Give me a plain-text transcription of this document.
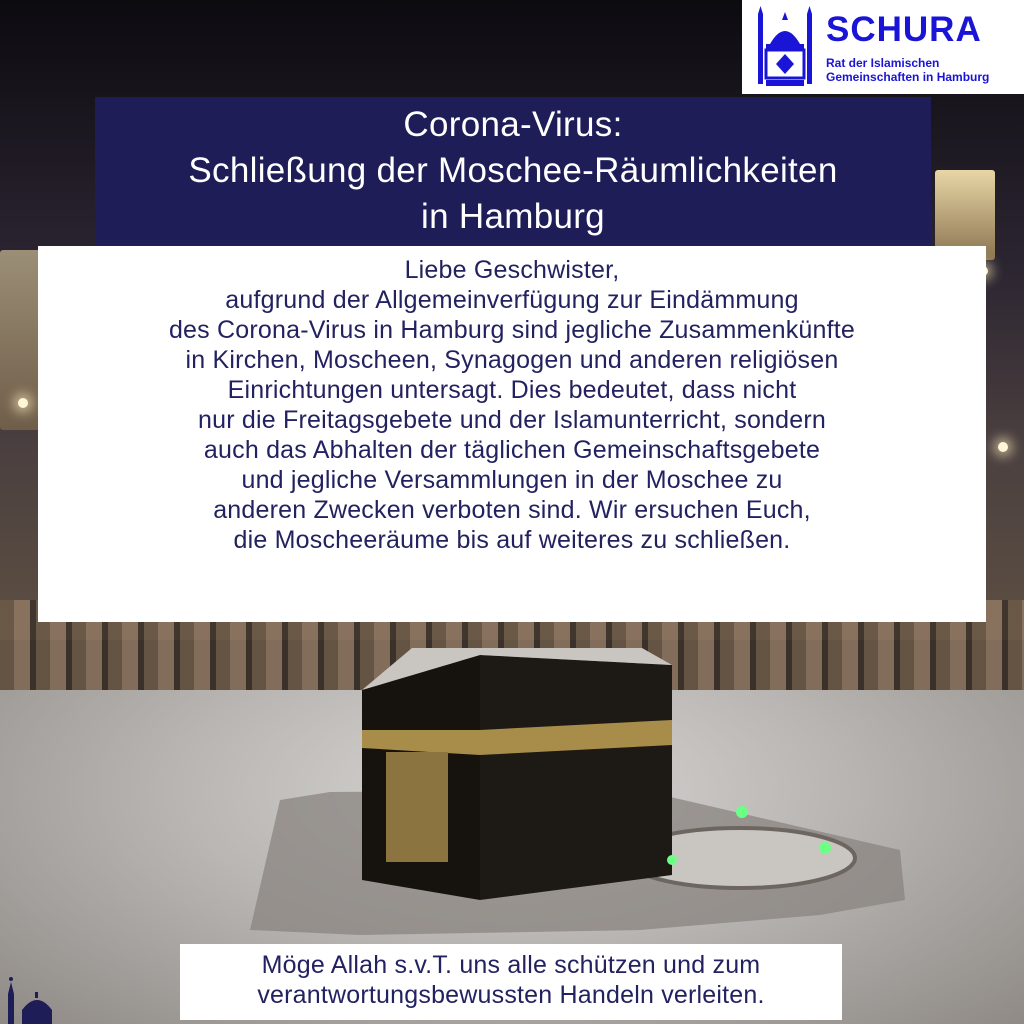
SCHURA
Rat der Islamischen
Gemeinschaften in Hamburg
Corona-Virus:
Schließung der Moschee-Räumlichkeiten
in Hamburg
Liebe Geschwister,
aufgrund der Allgemeinverfügung zur Eindämmung
des Corona-Virus in Hamburg sind jegliche Zusammenkünfte
in Kirchen, Moscheen, Synagogen und anderen religiösen
Einrichtungen untersagt. Dies bedeutet, dass nicht
nur die Freitagsgebete und der Islamunterricht, sondern
auch das Abhalten der täglichen Gemeinschaftsgebete
und jegliche Versammlungen in der Moschee zu
anderen Zwecken verboten sind. Wir ersuchen Euch,
die Moscheeräume bis auf weiteres zu schließen.
Möge Allah s.v.T. uns alle schützen und zum
verantwortungsbewussten Handeln verleiten.
